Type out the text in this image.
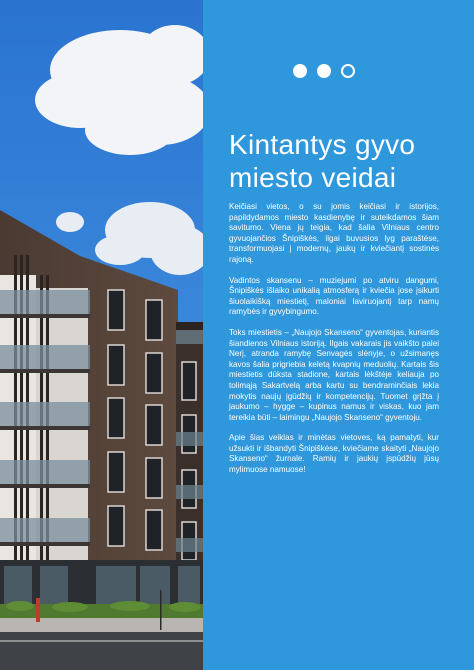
Kintantys gyvo
miesto veidai

Keičiasi vietos, o su jomis keičiasi ir istorijos, papildydamos miesto kasdienybę ir suteikdamos šiam savitumo. Viena jų teigia, kad šalia Vilniaus centro gyvuojančios Šnipiškės, ilgai buvusios lyg paraštėse, transformuojasi į modernų, jaukų ir kviečiantį sostinės rajoną.

Vadintos skansenu – muziejumi po atviru dangumi, Šnipiškės išlaiko unikalią atmosferą ir kviečia jose įsikurti šiuolaikišką miestietį, maloniai laviruojantį tarp namų ramybės ir gyvybingumo.

Toks miestietis – „Naujojo Skanseno“ gyventojas, kuriantis šiandienos Vilniaus istoriją. Ilgais vakarais jis vaikšto palei Nerį, atranda ramybę Senvagės slėnyje, o užsimanęs kavos šalia prigriebia keletą kvapnių meduolių. Kartais šis miestietis dūksta stadione, kartais lėkštėje keliauja po tolimąją Sakartvelą arba kartu su bendraminčiais lekia mokytis naujų įgūdžių ir kompetencijų. Tuomet grįžta į jaukumo – hygge – kupinus namus ir viskas, kuo jam tereikia būti – laimingu „Naujojo Skanseno“ gyventoju.

Apie šias veiklas ir minėtas vietoves, ką pamatyti, kur užsukti ir išbandyti Šnipiškėse, kviečiame skaityti „Naujojo Skanseno“ žurnale. Ramių ir jaukių įspūdžių jūsų mylimuose namuose!
